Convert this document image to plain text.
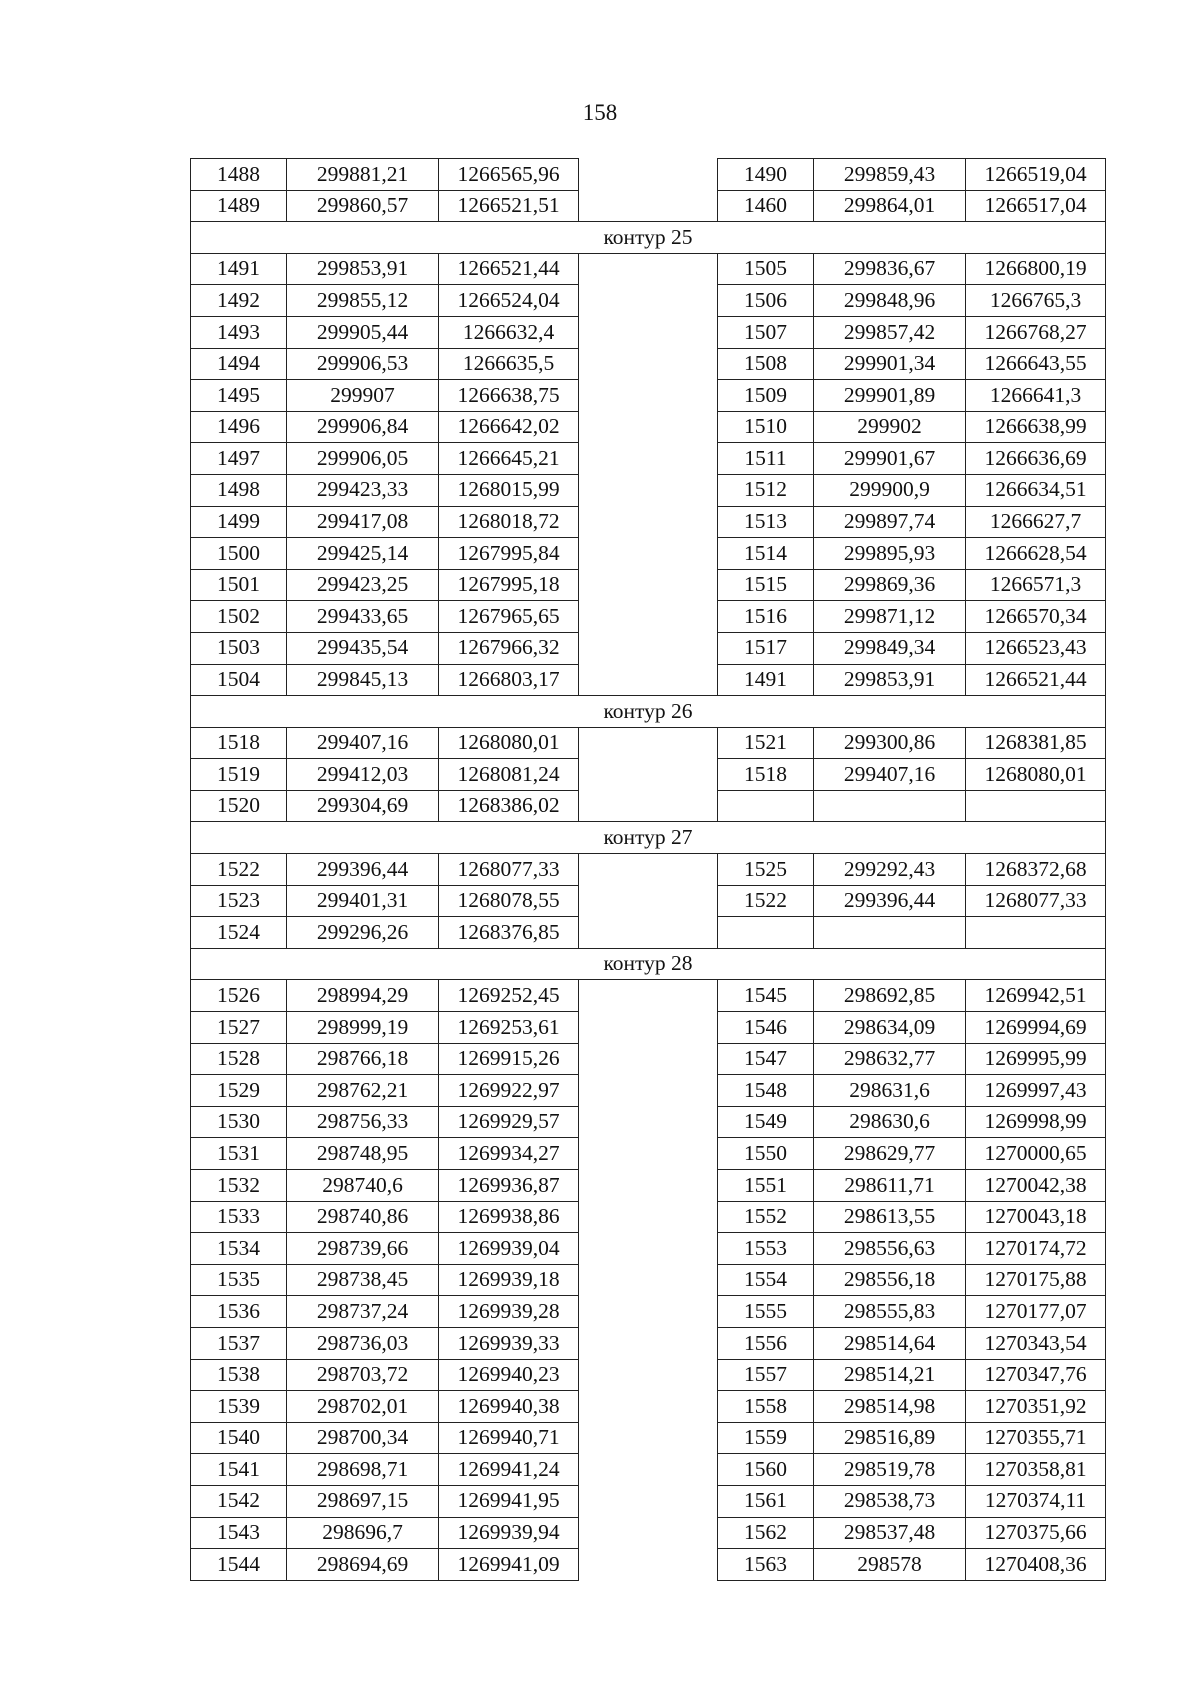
158
1488	299881,21	1266565,96		1490	299859,43	1266519,04
1489	299860,57	1266521,51		1460	299864,01	1266517,04
контур 25						
1491	299853,91	1266521,44		1505	299836,67	1266800,19
1492	299855,12	1266524,04		1506	299848,96	1266765,3
1493	299905,44	1266632,4		1507	299857,42	1266768,27
1494	299906,53	1266635,5		1508	299901,34	1266643,55
1495	299907	1266638,75		1509	299901,89	1266641,3
1496	299906,84	1266642,02		1510	299902	1266638,99
1497	299906,05	1266645,21		1511	299901,67	1266636,69
1498	299423,33	1268015,99		1512	299900,9	1266634,51
1499	299417,08	1268018,72		1513	299897,74	1266627,7
1500	299425,14	1267995,84		1514	299895,93	1266628,54
1501	299423,25	1267995,18		1515	299869,36	1266571,3
1502	299433,65	1267965,65		1516	299871,12	1266570,34
1503	299435,54	1267966,32		1517	299849,34	1266523,43
1504	299845,13	1266803,17		1491	299853,91	1266521,44
контур 26						
1518	299407,16	1268080,01		1521	299300,86	1268381,85
1519	299412,03	1268081,24		1518	299407,16	1268080,01
1520	299304,69	1268386,02				
контур 27						
1522	299396,44	1268077,33		1525	299292,43	1268372,68
1523	299401,31	1268078,55		1522	299396,44	1268077,33
1524	299296,26	1268376,85				
контур 28						
1526	298994,29	1269252,45		1545	298692,85	1269942,51
1527	298999,19	1269253,61		1546	298634,09	1269994,69
1528	298766,18	1269915,26		1547	298632,77	1269995,99
1529	298762,21	1269922,97		1548	298631,6	1269997,43
1530	298756,33	1269929,57		1549	298630,6	1269998,99
1531	298748,95	1269934,27		1550	298629,77	1270000,65
1532	298740,6	1269936,87		1551	298611,71	1270042,38
1533	298740,86	1269938,86		1552	298613,55	1270043,18
1534	298739,66	1269939,04		1553	298556,63	1270174,72
1535	298738,45	1269939,18		1554	298556,18	1270175,88
1536	298737,24	1269939,28		1555	298555,83	1270177,07
1537	298736,03	1269939,33		1556	298514,64	1270343,54
1538	298703,72	1269940,23		1557	298514,21	1270347,76
1539	298702,01	1269940,38		1558	298514,98	1270351,92
1540	298700,34	1269940,71		1559	298516,89	1270355,71
1541	298698,71	1269941,24		1560	298519,78	1270358,81
1542	298697,15	1269941,95		1561	298538,73	1270374,11
1543	298696,7	1269939,94		1562	298537,48	1270375,66
1544	298694,69	1269941,09		1563	298578	1270408,36
